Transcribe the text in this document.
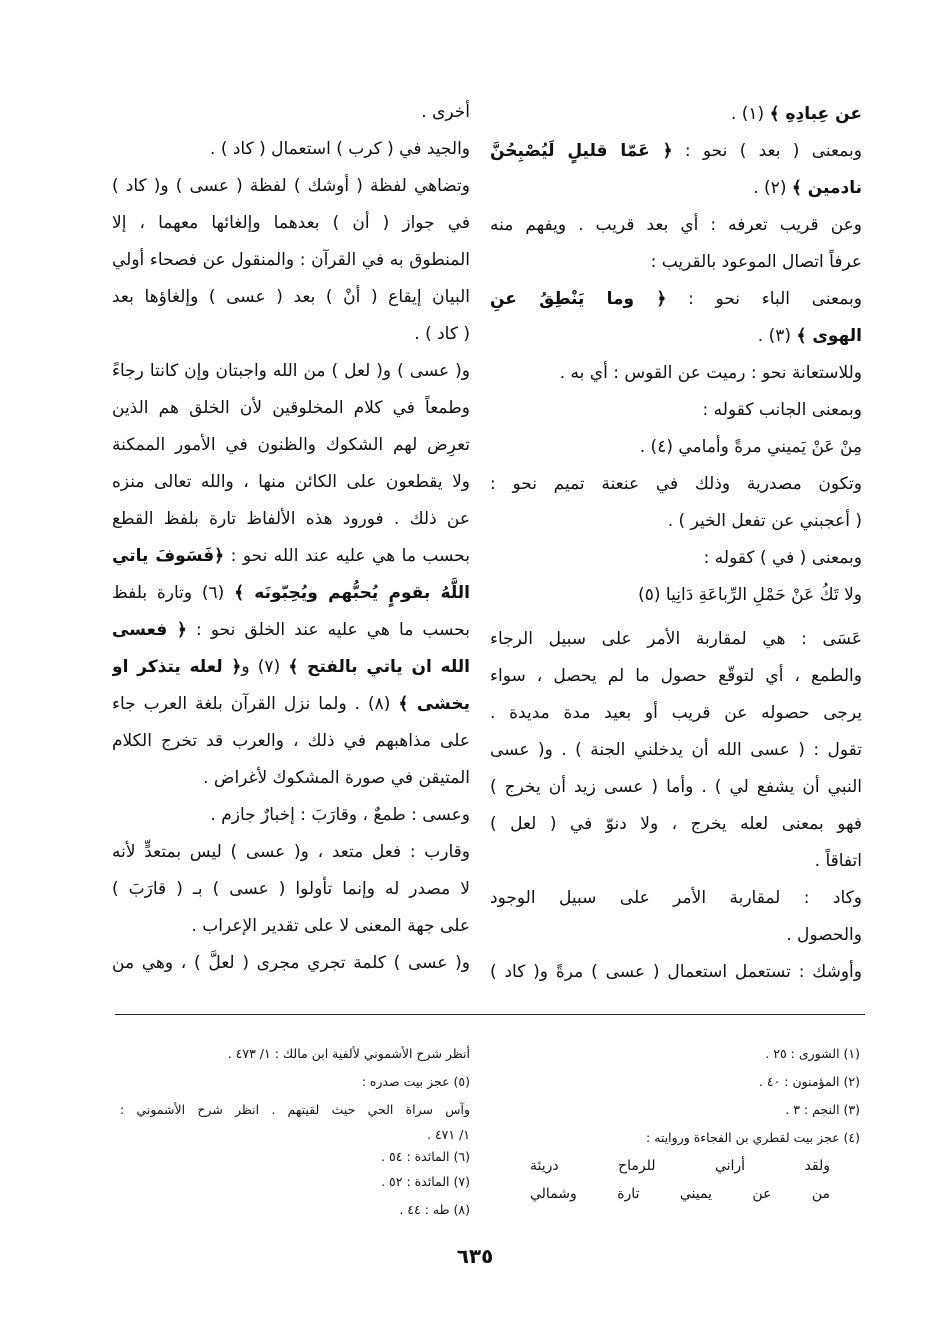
عن عِبادِهِ ﴾ (١) .
وبمعنى ( بعد ) نحو : ﴿ عَمّا قليلٍ لَيُصْبِحُنَّ
نادمين ﴾ (٢) .
وعن قريب تعرفه : أي بعد قريب . ويفهم منه
عرفاً اتصال الموعود بالقريب :
وبمعنى الباء نحو : ﴿ وما يَنْطِقُ عنِ
الهوى ﴾ (٣) .
وللاستعانة نحو : رميت عن القوس : أي به .
وبمعنى الجانب كقوله :
مِنْ عَنْ يَميني مرةً وأمامي (٤) .
وتكون مصدرية وذلك في عنعنة تميم نحو :
( أعجبني عن تفعل الخير ) .
وبمعنى ( في ) كقوله :
ولا تَكُ عَنْ حَمْلِ الرِّباعَةِ دَانِيا (٥)
عَسَى : هي لمقاربة الأمر على سبيل الرجاء
والطمع ، أي لتوقّع حصول ما لم يحصل ، سواء
يرجى حصوله عن قريب أو بعيد مدة مديدة .
تقول : ( عسى الله أن يدخلني الجنة ) . و( عسى
النبي أن يشفع لي ) . وأما ( عسى زيد أن يخرج )
فهو بمعنى لعله يخرج ، ولا دنوّ في ( لعل )
اتفاقاً .
وكاد : لمقاربة الأمر على سبيل الوجود
والحصول .
وأوشك : تستعمل استعمال ( عسى ) مرةً و( كاد )
أخرى .
والجيد في ( كرب ) استعمال ( كاد ) .
وتضاهي لفظة ( أوشك ) لفظة ( عسى ) و( كاد )
في جواز ( أن ) بعدهما وإلغائها معهما ، إلا
المنطوق به في القرآن : والمنقول عن فصحاء أولي
البيان إيقاع ( أنْ ) بعد ( عسى ) وإلغاؤها بعد
( كاد ) .
و( عسى ) و( لعل ) من الله واجبتان وإن كانتا رجاءً
وطمعاً في كلام المخلوقين لأن الخلق هم الذين
تعرِض لهم الشكوك والظنون في الأمور الممكنة
ولا يقطعون على الكائن منها ، والله تعالى منزه
عن ذلك . فورود هذه الألفاظ تارة بلفظ القطع
بحسب ما هي عليه عند الله نحو : ﴿فَسَوفَ ياتي
اللَّهُ بقومٍ يُحبُّهم ويُحِبّونَه ﴾ (٦) وتارة بلفظ
بحسب ما هي عليه عند الخلق نحو : ﴿ فعسى
الله ان ياتي بالفتح ﴾ (٧) و﴿ لعله يتذكر او
يخشى ﴾ (٨) . ولما نزل القرآن بلغة العرب جاء
على مذاهبهم في ذلك ، والعرب قد تخرج الكلام
المتيقن في صورة المشكوك لأغراض .
وعسى : طمعٌ ، وقارَبَ : إخبارٌ جازم .
وقارب : فعل متعد ، و( عسى ) ليس بمتعدٍّ لأنه
لا مصدر له وإنما تأولوا ( عسى ) بـ ( قارَبَ )
على جهة المعنى لا على تقدير الإعراب .
و( عسى ) كلمة تجري مجرى ( لعلَّ ) ، وهي من
(١) الشورى : ٢٥ .
(٢) المؤمنون : ٤٠ .
(٣) النجم : ٣ .
(٤) عجز بيت لقطري بن الفجاءة وروايته :
ولقد أراني للرماح دريئة
من عن يميني تارة وشمالي
أنظر شرح الأشموني لألفية ابن مالك : ١/ ٤٧٣ .
(٥) عجز بيت صدره :
وآس سراة الحي حيث لقيتهم . انظر شرح الأشموني :
١/ ٤٧١ .
(٦) المائدة : ٥٤ .
(٧) المائدة : ٥٢ .
(٨) طه : ٤٤ .
٦٣٥
